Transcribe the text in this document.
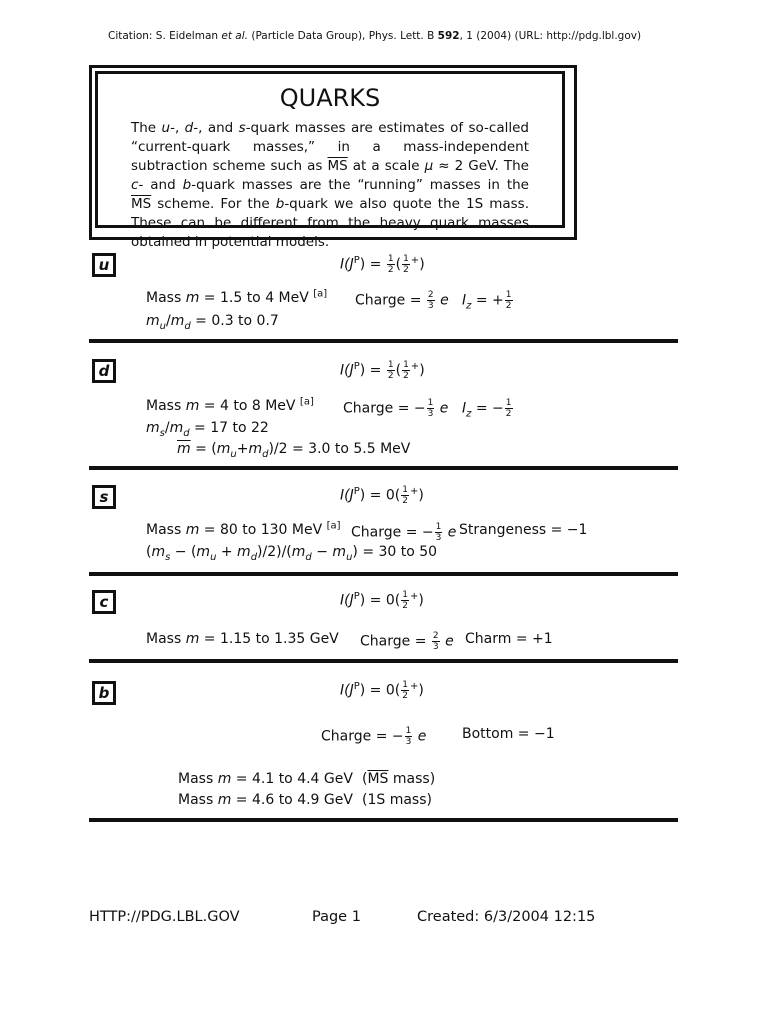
Citation: S. Eidelman et al. (Particle Data Group), Phys. Lett. B 592, 1 (2004) (URL: http://pdg.lbl.gov)
QUARKS
The u-, d-, and s-quark masses are estimates of so-called “current-quark masses,” in a mass-independent subtraction scheme such as $\overline{MS}$ at a scale μ ≈ 2 GeV. The c- and b-quark masses are the “running” masses in the $\overline{MS}$ scheme. For the b-quark we also quote the 1S mass. These can be different from the heavy quark masses obtained in potential models.
u	$I(J^P) = \frac{1}{2}$ ( $\frac{1}{2} ^+$)
Mass m = 1.5 to 4 MeV [a] Charge = $\frac{2}{3}$ e $I_z$ = + $\frac{1}{2}$
$m_u/m_d = 0.3$ to 0.7
d	$I(J^P) = \frac{1}{2}$ ( $\frac{1}{2} ^+$)
Mass m = 4 to 8 MeV [a] Charge = − $\frac{1}{3}$ e $I_z$ = − $\frac{1}{2}$
$m_s/m_d = 17$ to 22
$\overline{m} = (m_u+m_d)/2 = 3.0$ to 5.5 MeV
s	$I(J^P) = 0( \frac{1}{2} ^+)$
Mass m = 80 to 130 MeV [a] Charge = − $\frac{1}{3}$ e Strangeness = −1
$(m_s - (m_u + m_d)/2)/(m_d - m_u) = 30$ to 50
c	$I(J^P) = 0( \frac{1}{2} ^+)$
Mass m = 1.15 to 1.35 GeV Charge = $\frac{2}{3}$ e Charm = +1
b	$I(J^P) = 0( \frac{1}{2} ^+)$
Charge = − $\frac{1}{3}$ e	Bottom = −1
Mass m = 4.1 to 4.4 GeV ($\overline{MS}$ mass)
Mass m = 4.6 to 4.9 GeV (1S mass)
HTTP://PDG.LBL.GOV	Page 1	Created: 6/3/2004 12:15
